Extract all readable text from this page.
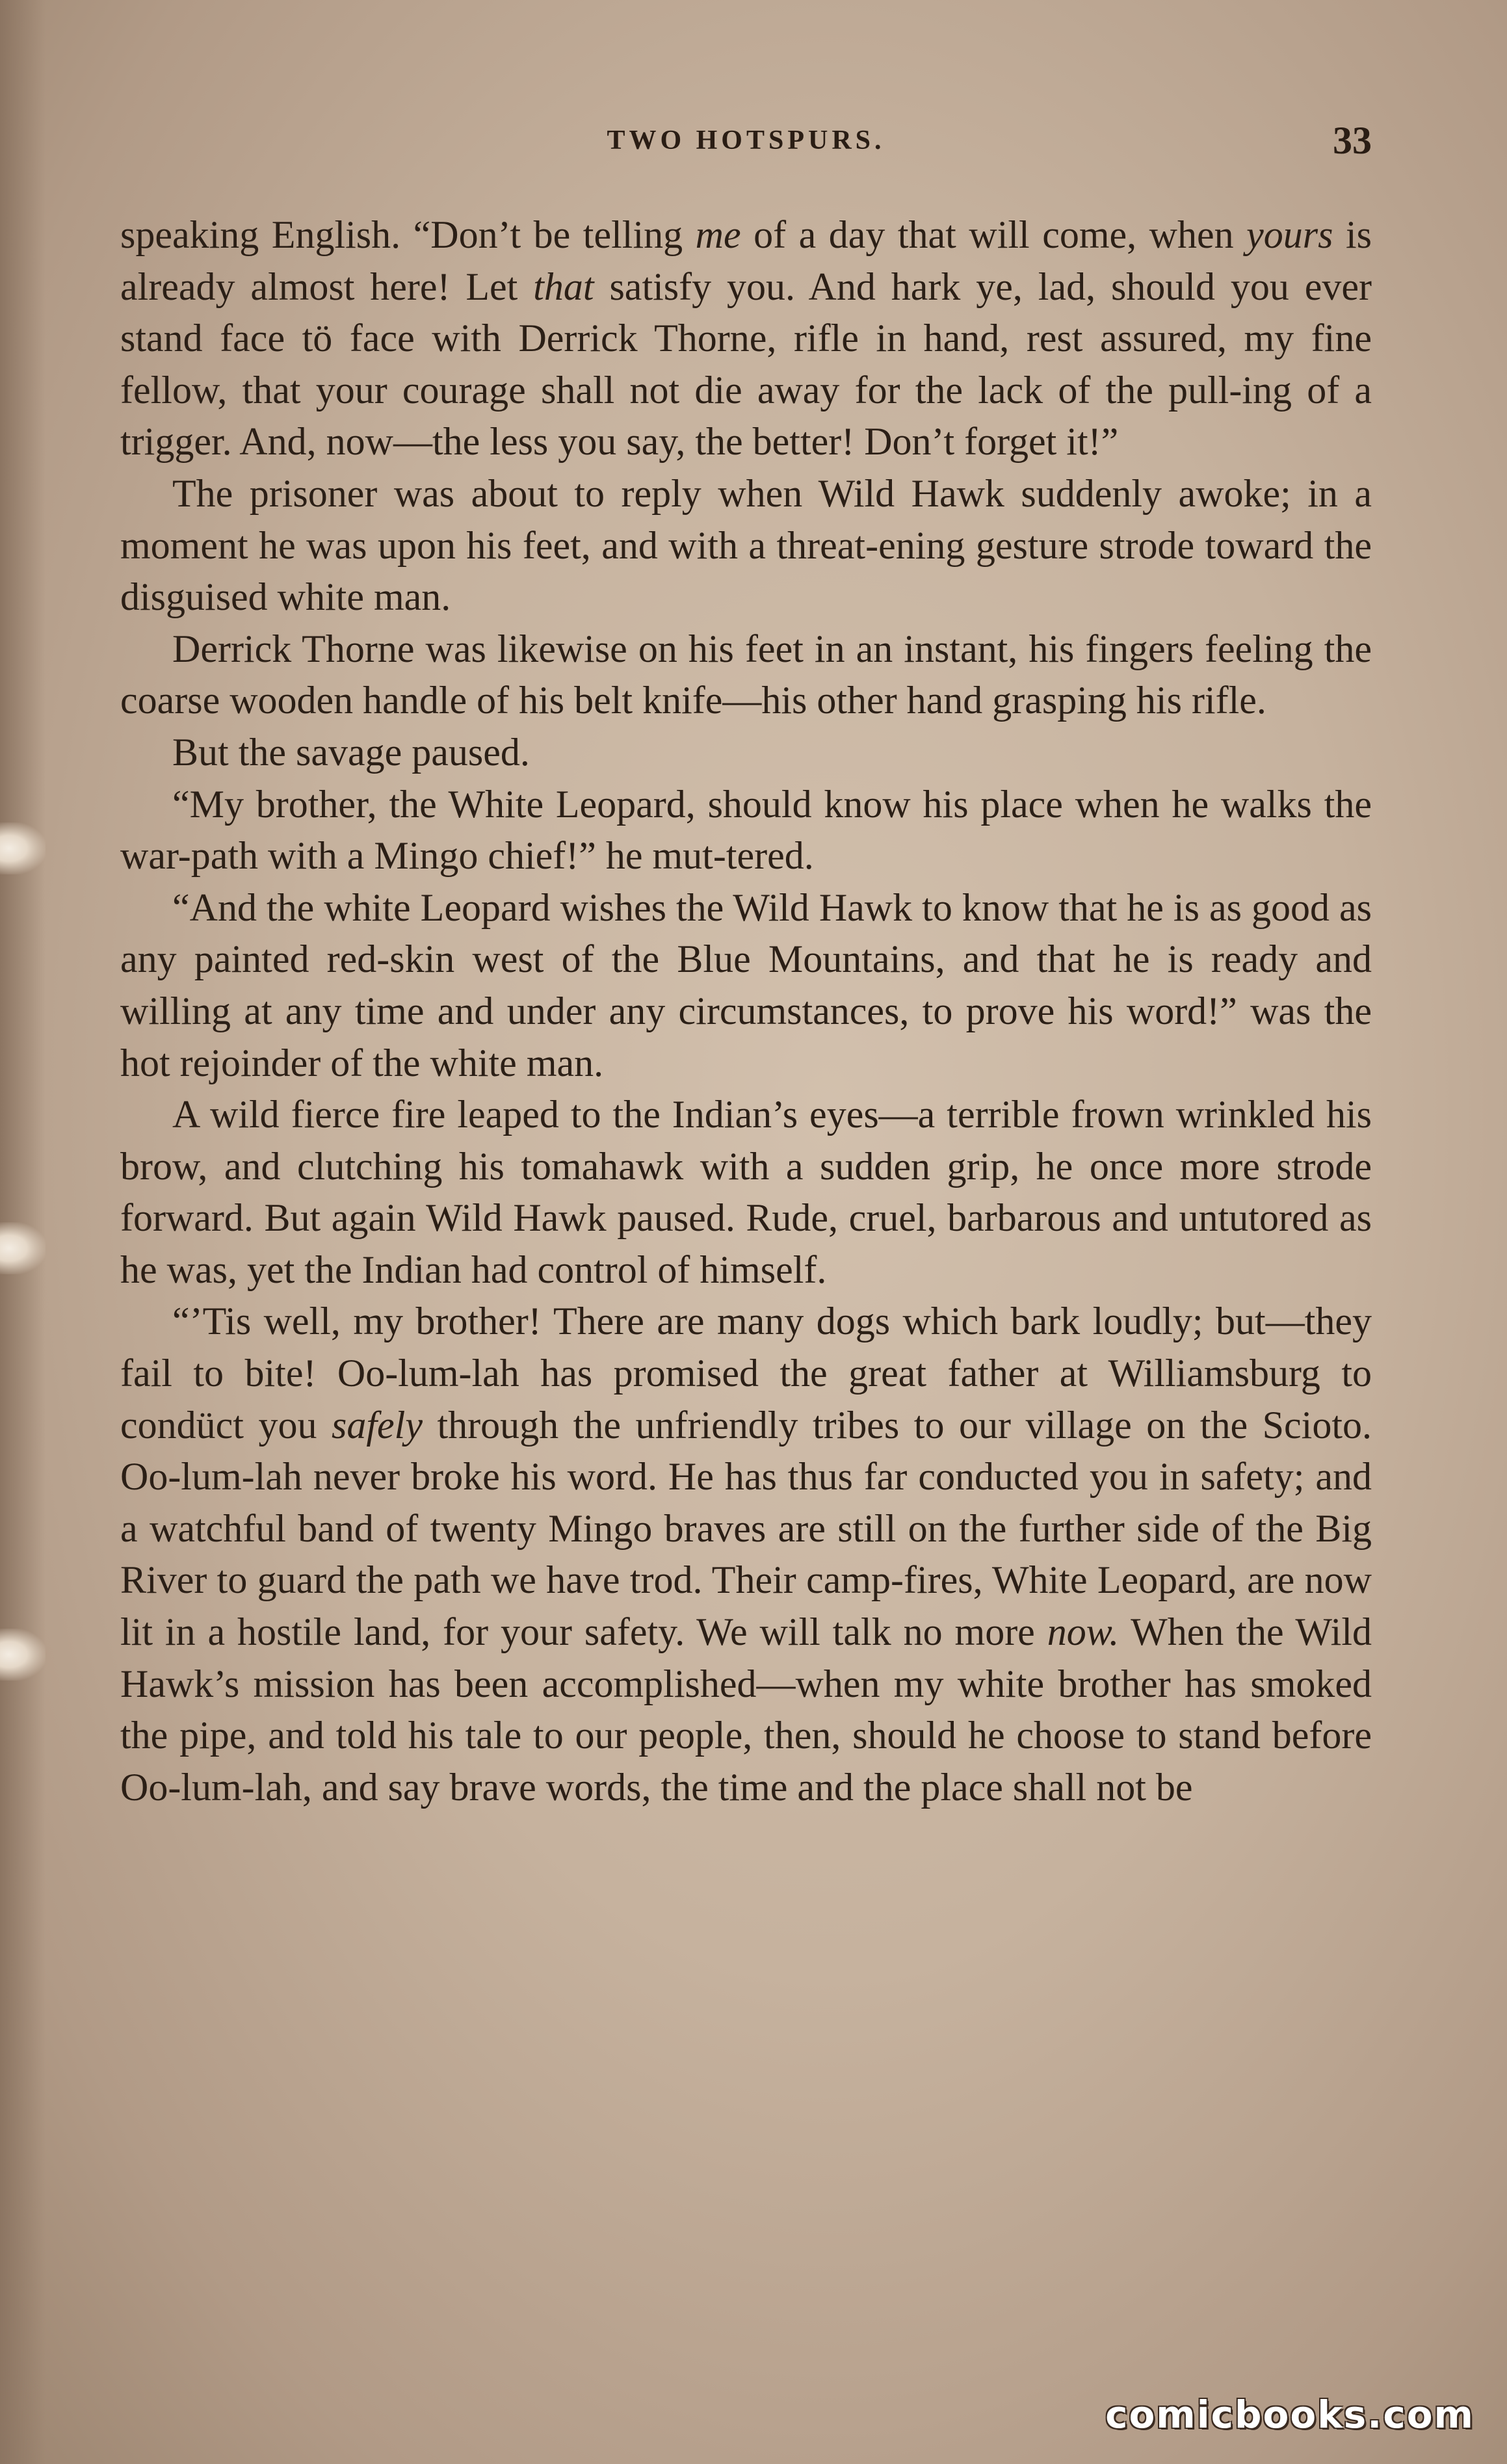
TWO HOTSPURS.	33

speaking English. “Don’t be telling me of a day that will come, when yours is already almost here! Let that satisfy you. And hark ye, lad, should you ever stand face tö face with Derrick Thorne, rifle in hand, rest assured, my fine fellow, that your courage shall not die away for the lack of the pull-ing of a trigger. And, now—the less you say, the better! Don’t forget it!”

The prisoner was about to reply when Wild Hawk suddenly awoke; in a moment he was upon his feet, and with a threat-ening gesture strode toward the disguised white man.

Derrick Thorne was likewise on his feet in an instant, his fingers feeling the coarse wooden handle of his belt knife—his other hand grasping his rifle.

But the savage paused.

“My brother, the White Leopard, should know his place when he walks the war-path with a Mingo chief!” he mut-tered.

“And the white Leopard wishes the Wild Hawk to know that he is as good as any painted red-skin west of the Blue Mountains, and that he is ready and willing at any time and under any circumstances, to prove his word!” was the hot rejoinder of the white man.

A wild fierce fire leaped to the Indian’s eyes—a terrible frown wrinkled his brow, and clutching his tomahawk with a sudden grip, he once more strode forward. But again Wild Hawk paused. Rude, cruel, barbarous and untutored as he was, yet the Indian had control of himself.

“’Tis well, my brother! There are many dogs which bark loudly; but—they fail to bite! Oo-lum-lah has promised the great father at Williamsburg to condüct you safely through the unfriendly tribes to our village on the Scioto. Oo-lum-lah never broke his word. He has thus far conducted you in safety; and a watchful band of twenty Mingo braves are still on the further side of the Big River to guard the path we have trod. Their camp-fires, White Leopard, are now lit in a hostile land, for your safety. We will talk no more now. When the Wild Hawk’s mission has been accomplished—when my white brother has smoked the pipe, and told his tale to our people, then, should he choose to stand before Oo-lum-lah, and say brave words, the time and the place shall not be

comicbooks.com
